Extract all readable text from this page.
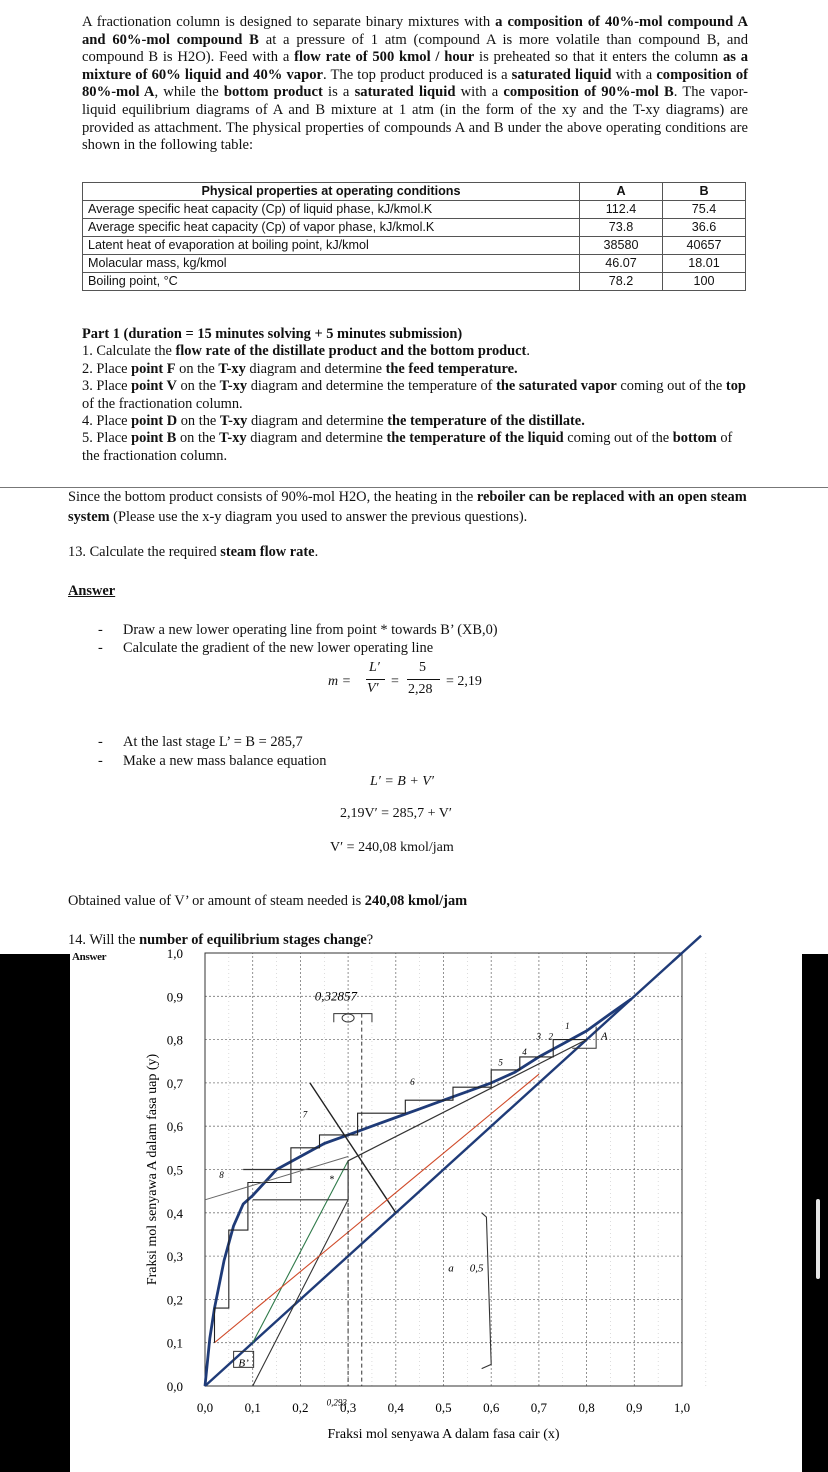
A fractionation column is designed to separate binary mixtures with a composition of 40%-mol compound A and 60%-mol compound B at a pressure of 1 atm (compound A is more volatile than compound B, and compound B is H2O). Feed with a flow rate of 500 kmol / hour is preheated so that it enters the column as a mixture of 60% liquid and 40% vapor. The top product produced is a saturated liquid with a composition of 80%-mol A, while the bottom product is a saturated liquid with a composition of 90%-mol B. The vapor-liquid equilibrium diagrams of A and B mixture at 1 atm (in the form of the xy and the T-xy diagrams) are provided as attachment. The physical properties of compounds A and B under the above operating conditions are shown in the following table:
Physical properties at operating conditions	A	B
Average specific heat capacity (Cp) of liquid phase, kJ/kmol.K	112.4	75.4
Average specific heat capacity (Cp) of vapor phase, kJ/kmol.K	73.8	36.6
Latent heat of evaporation at boiling point, kJ/kmol	38580	40657
Molacular mass, kg/kmol	46.07	18.01
Boiling point, °C	78.2	100
Part 1 (duration = 15 minutes solving + 5 minutes submission)
1. Calculate the flow rate of the distillate product and the bottom product.
2. Place point F on the T-xy diagram and determine the feed temperature.
3. Place point V on the T-xy diagram and determine the temperature of the saturated vapor coming out of the top of the fractionation column.
4. Place point D on the T-xy diagram and determine the temperature of the distillate.
5. Place point B on the T-xy diagram and determine the temperature of the liquid coming out of the bottom of the fractionation column.
Since the bottom product consists of 90%-mol H2O, the heating in the reboiler can be replaced with an open steam system (Please use the x-y diagram you used to answer the previous questions).
13. Calculate the required steam flow rate.
Answer
- Draw a new lower operating line from point * towards B’ (XB,0)
- Calculate the gradient of the new lower operating line
m =
L′
V′ =
5
2,28
= 2,19
- At the last stage L’ = B = 285,7
- Make a new mass balance equation
L′ = B + V′
2,19V′ = 285,7 + V′
V′ = 240,08 kmol/jam
Obtained value of V’ or amount of steam needed is 240,08 kmol/jam
14. Will the number of equilibrium stages change?
Answer
0,0 0,1 0,2 0,3 0,4 0,5 0,6 0,7 0,8 0,9 1,0
0,0
0,1
0,2
0,3
0,4
0,5
0,6
0,7
0,8
0,9
1,0
Fraksi mol senyawa A dalam fasa cair (x)
Fraksi mol senyawa A dalam fasa uap (y)
0,32857
A
B’
0,5
0,293
a
8
7
6
5
4
3 2
1
*
